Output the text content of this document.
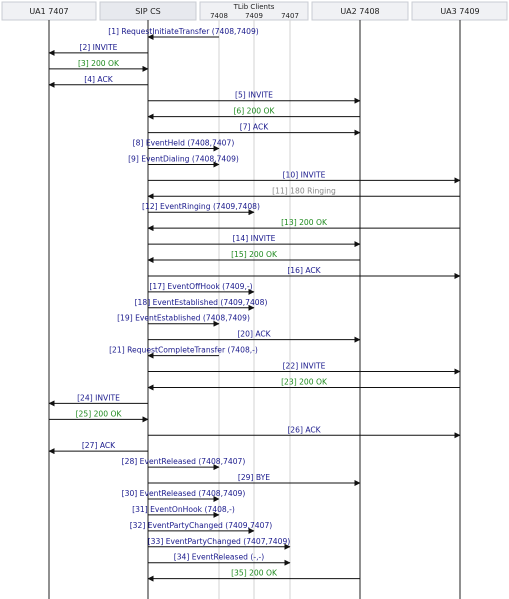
UA1 7407	SIP CS	TLib Clients
7408 7409	7407	UA2 7408	UA3 7409
[1] RequestInitiateTransfer (7408,7409)
[2] INVITE
[3] 200 OK
[4] ACK
[5] INVITE
[6] 200 OK
[7] ACK
[8] EventHeld (7408,7407)
[9] EventDialing (7408,7409)
[10] INVITE
[11] 180 Ringing
[12] EventRinging (7409,7408)
[13] 200 OK
[14] INVITE
[15] 200 OK
[16] ACK
[17] EventOffHook (7409,-)
[18] EventEstablished (7409,7408)
[19] EventEstablished (7408,7409)
[20] ACK
[21] RequestCompleteTransfer (7408,-)
[22] INVITE
[23] 200 OK
[24] INVITE
[25] 200 OK
[26] ACK
[27] ACK
[28] EventReleased (7408,7407)
[29] BYE
[30] EventReleased (7408,7409)
[31] EventOnHook (7408,-)
[32] EventPartyChanged (7409,7407)
[33] EventPartyChanged (7407,7409)
[34] EventReleased (-,-)
[35] 200 OK
